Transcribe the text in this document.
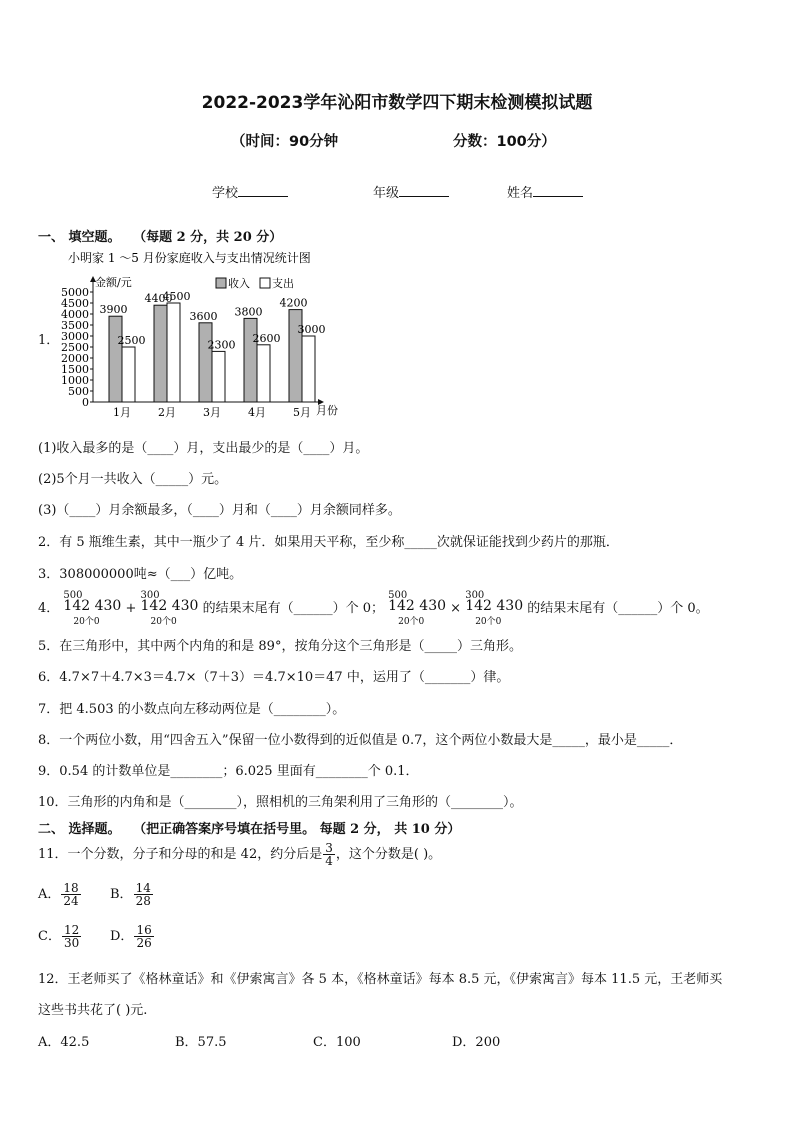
2022-2023学年沁阳市数学四下期末检测模拟试题
（时间：90分钟	分数：100分）
学校	年级	姓名
一、 填空题。 （每题 2 分，共 20 分）
1．
小明家 1 ～5 月份家庭收入与支出情况统计图
金额/元
月份
收入 支出
0
500
1000
1500
2000
2500
3000
3500
4000
4500
5000
3900
2500
4400
4500
3600
2300
3800
2600
4200
3000
1月 2月 3月 4月 5月
(1)收入最多的是（____）月，支出最少的是（____）月。
(2)5个月一共收入（_____）元。
(3)（____）月余额最多，（____）月和（____）月余额同样多。
2．有 5 瓶维生素，其中一瓶少了 4 片．如果用天平称，至少称_____次就保证能找到少药片的那瓶．
3．308000000吨≈（___）亿吨。
4．
500
142 430
20个0
+
300
142 430
20个0
的结果末尾有（______）个 0；
500
142 430
20个0
×
300
142 430
20个0
的结果末尾有（______）个 0。
5．在三角形中，其中两个内角的和是 89°，按角分这个三角形是（_____）三角形。
6．4.7×7＋4.7×3＝4.7×（7＋3）＝4.7×10＝47 中，运用了（_______）律。
7．把 4.503 的小数点向左移动两位是（________）。
8．一个两位小数，用“四舍五入”保留一位小数得到的近似值是 0.7，这个两位小数最大是_____，最小是_____．
9．0.54 的计数单位是________；6.025 里面有________个 0.1．
10．三角形的内角和是（________），照相机的三角架利用了三角形的（________）。
二、 选择题。 （把正确答案序号填在括号里。 每题 2 分， 共 10 分）
11．一个分数，分子和分母的和是 42，约分后是 $\frac{3}{4}$ ，这个分数是( )。
A． $\frac{18}{24}$ B． $\frac{14}{28}$
C． $\frac{12}{30}$ D． $\frac{16}{26}$
12．王老师买了《格林童话》和《伊索寓言》各 5 本，《格林童话》每本 8.5 元，《伊索寓言》每本 11.5 元，王老师买
这些书共花了( )元.
A．42.5	B．57.5	C．100	D．200
